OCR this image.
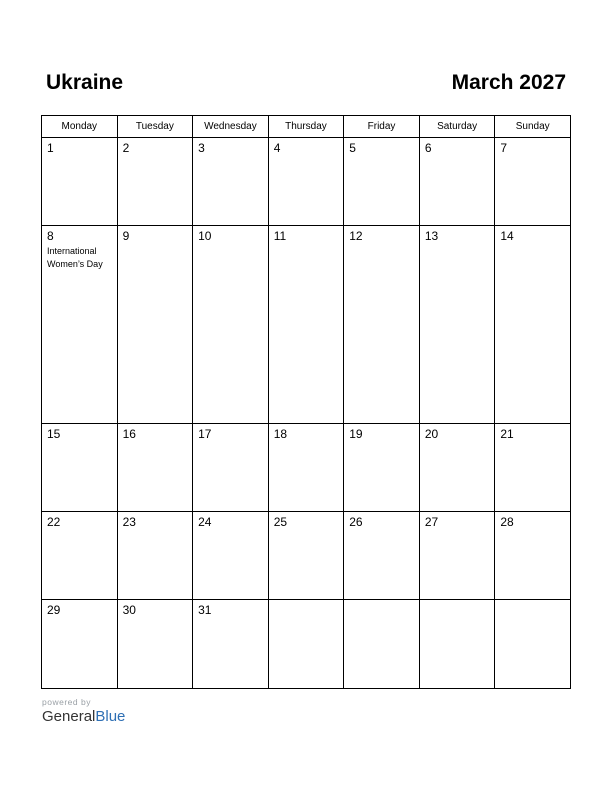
Ukraine	March 2027
Monday	Tuesday	Wednesday	Thursday	Friday	Saturday	Sunday

1	2	3	4	5	6	7

8
International Women’s Day	9	10	11	12	13	14

15	16	17	18	19	20	21

22	23	24	25	26	27	28

29	30	31				

powered by
GeneralBlue
